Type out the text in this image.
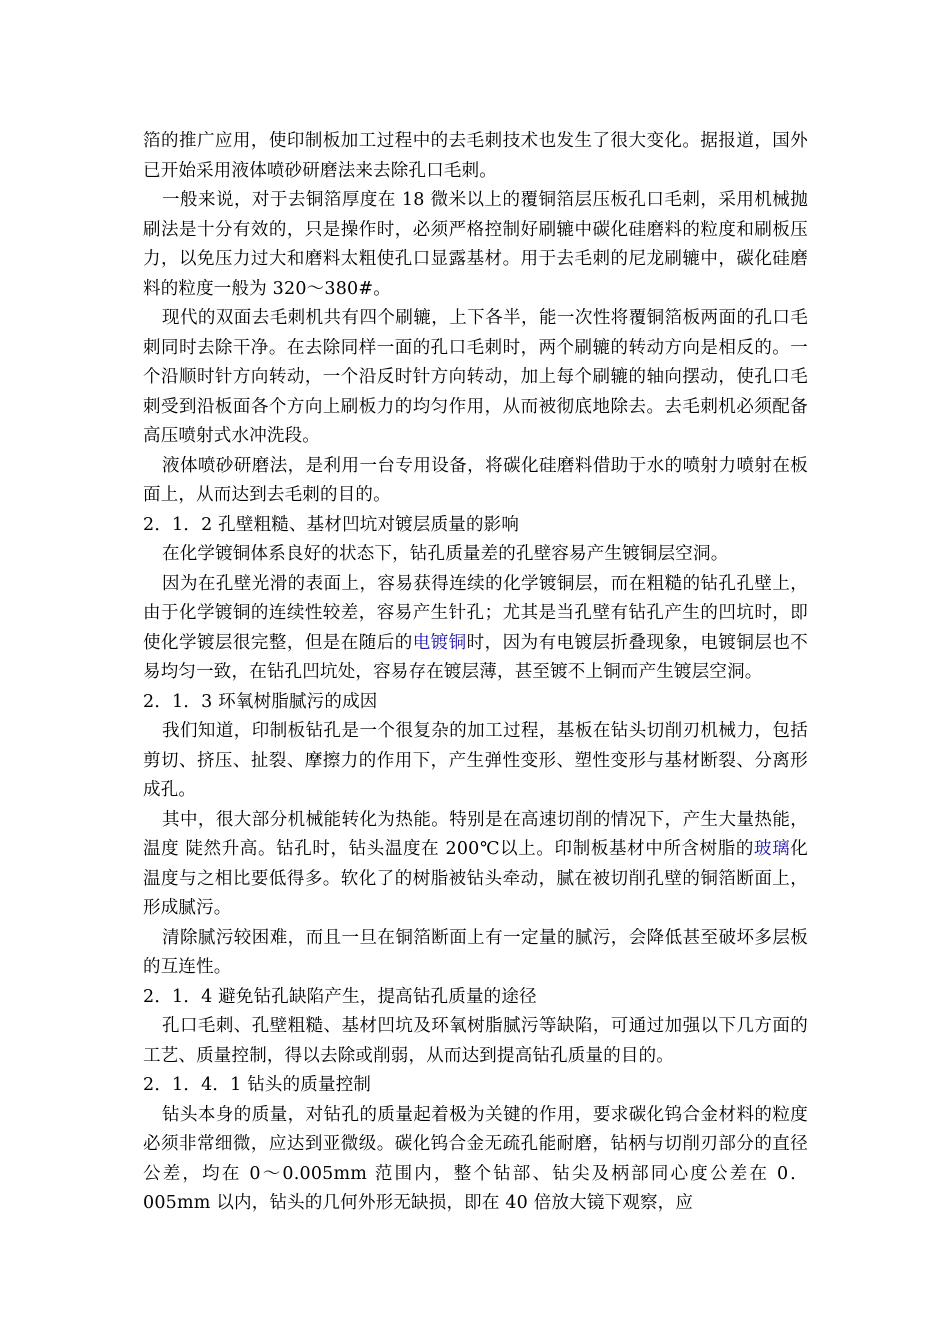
箔的推广应用，使印制板加工过程中的去毛刺技术也发生了很大变化。据报道，国外已开始采用液体喷砂研磨法来去除孔口毛刺。

一般来说，对于去铜箔厚度在 18 微米以上的覆铜箔层压板孔口毛刺，采用机械抛刷法是十分有效的，只是操作时，必须严格控制好刷辘中碳化硅磨料的粒度和刷板压力，以免压力过大和磨料太粗使孔口显露基材。用于去毛刺的尼龙刷辘中，碳化硅磨料的粒度一般为 320～380#。

现代的双面去毛刺机共有四个刷辘，上下各半，能一次性将覆铜箔板两面的孔口毛刺同时去除干净。在去除同样一面的孔口毛刺时，两个刷辘的转动方向是相反的。一个沿顺时针方向转动，一个沿反时针方向转动，加上每个刷辘的轴向摆动，使孔口毛刺受到沿板面各个方向上刷板力的均匀作用，从而被彻底地除去。去毛刺机必须配备高压喷射式水冲洗段。

液体喷砂研磨法，是利用一台专用设备，将碳化硅磨料借助于水的喷射力喷射在板面上，从而达到去毛刺的目的。

2．1．2 孔壁粗糙、基材凹坑对镀层质量的影响

在化学镀铜体系良好的状态下，钻孔质量差的孔壁容易产生镀铜层空洞。

因为在孔壁光滑的表面上，容易获得连续的化学镀铜层，而在粗糙的钻孔孔壁上，由于化学镀铜的连续性较差，容易产生针孔；尤其是当孔壁有钻孔产生的凹坑时，即使化学镀层很完整，但是在随后的电镀铜时，因为有电镀层折叠现象，电镀铜层也不易均匀一致，在钻孔凹坑处，容易存在镀层薄，甚至镀不上铜而产生镀层空洞。

2．1．3 环氧树脂腻污的成因

我们知道，印制板钻孔是一个很复杂的加工过程，基板在钻头切削刃机械力，包括剪切、挤压、扯裂、摩擦力的作用下，产生弹性变形、塑性变形与基材断裂、分离形成孔。

其中，很大部分机械能转化为热能。特别是在高速切削的情况下，产生大量热能，温度 陡然升高。钻孔时，钻头温度在 200℃以上。印制板基材中所含树脂的玻璃化温度与之相比要低得多。软化了的树脂被钻头牵动，腻在被切削孔壁的铜箔断面上，形成腻污。

清除腻污较困难，而且一旦在铜箔断面上有一定量的腻污，会降低甚至破坏多层板的互连性。

2．1．4 避免钻孔缺陷产生，提高钻孔质量的途径

孔口毛刺、孔壁粗糙、基材凹坑及环氧树脂腻污等缺陷，可通过加强以下几方面的工艺、质量控制，得以去除或削弱，从而达到提高钻孔质量的目的。

2．1．4．1 钻头的质量控制

钻头本身的质量，对钻孔的质量起着极为关键的作用，要求碳化钨合金材料的粒度必须非常细微，应达到亚微级。碳化钨合金无疏孔能耐磨，钻柄与切削刃部分的直径公差，均在 0～0.005mm 范围内，整个钻部、钻尖及柄部同心度公差在 0．005mm 以内，钻头的几何外形无缺损，即在 40 倍放大镜下观察，应
